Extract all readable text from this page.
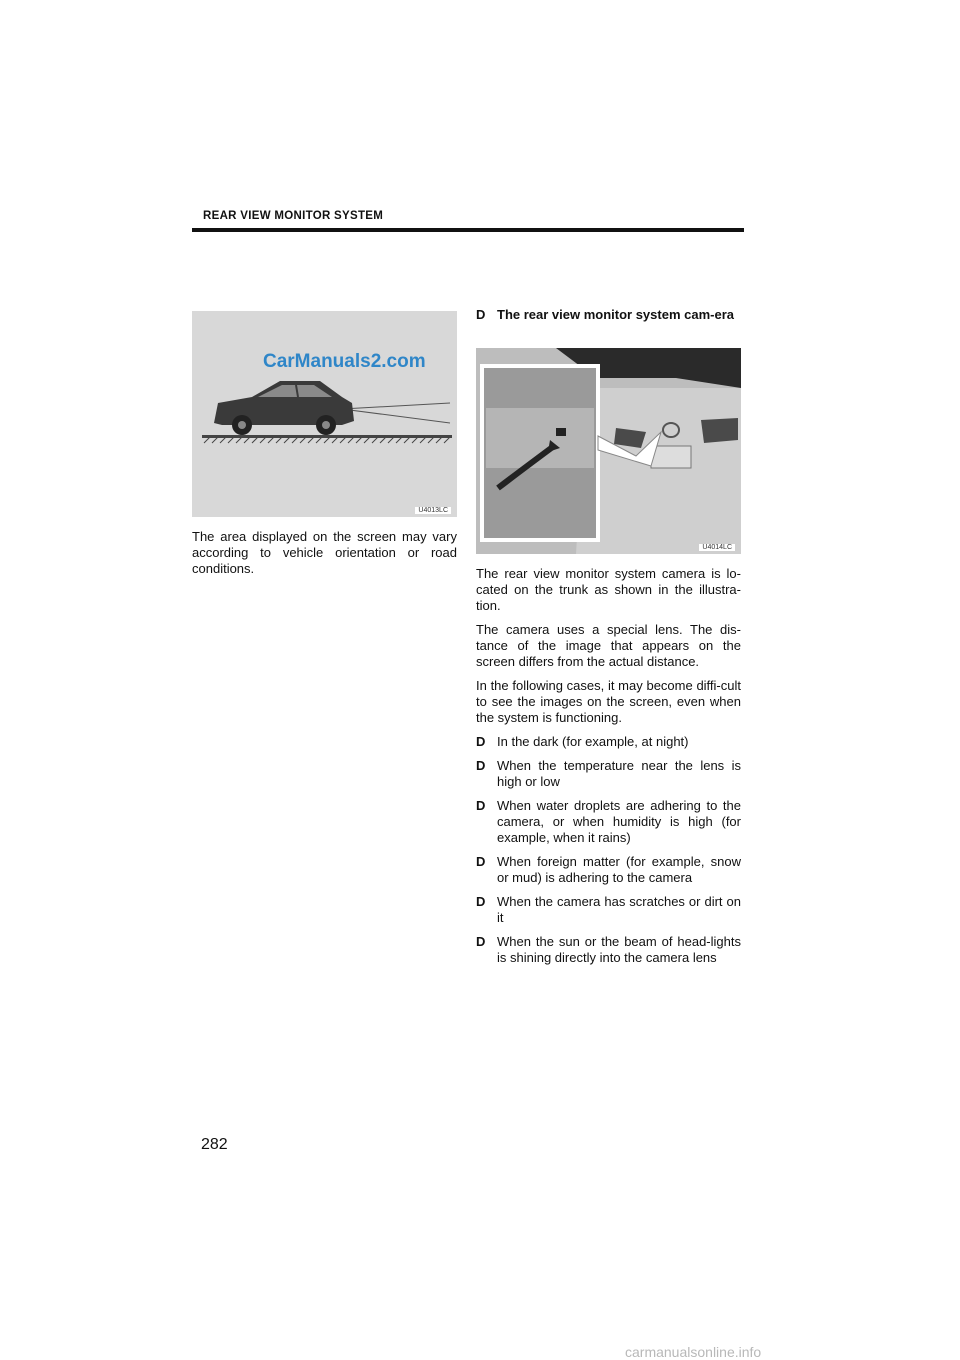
REAR VIEW MONITOR SYSTEM
U4013LC
CarManuals2.com
The area displayed on the screen may vary according to vehicle orientation or road conditions.
D The rear view monitor system cam-era
U4014LC

The rear view monitor system camera is lo-cated on the trunk as shown in the illustra-tion.

The camera uses a special lens. The dis-tance of the image that appears on the screen differs from the actual distance.

In the following cases, it may become diffi-cult to see the images on the screen, even when the system is functioning.

D In the dark (for example, at night)
D When the temperature near the lens is high or low
D When water droplets are adhering to the camera, or when humidity is high (for example, when it rains)
D When foreign matter (for example, snow or mud) is adhering to the camera
D When the camera has scratches or dirt on it
D When the sun or the beam of head-lights is shining directly into the camera lens
282
carmanualsonline.info
